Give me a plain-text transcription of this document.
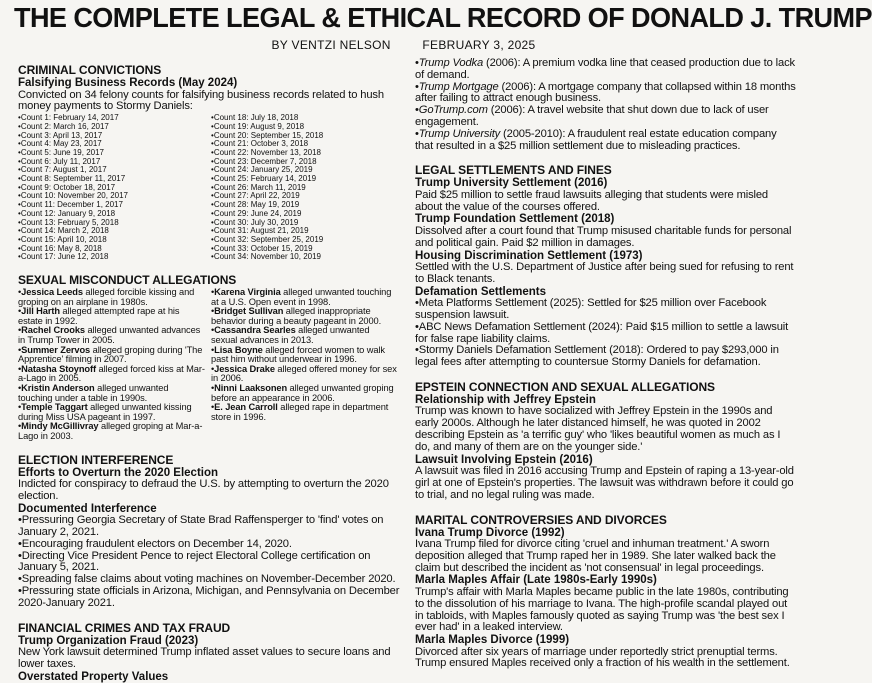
THE COMPLETE LEGAL & ETHICAL RECORD OF DONALD J. TRUMP
BY VENTZI NELSON	FEBRUARY 3, 2025
CRIMINAL CONVICTIONS
Falsifying Business Records (May 2024)

Convicted on 34 felony counts for falsifying business records related to hush money payments to Stormy Daniels:

• Count 1: February 14, 2017
• Count 2: March 16, 2017
• Count 3: April 13, 2017
• Count 4: May 23, 2017
• Count 5: June 19, 2017
• Count 6: July 11, 2017
• Count 7: August 1, 2017
• Count 8: September 11, 2017
• Count 9: October 18, 2017
• Count 10: November 20, 2017
• Count 11: December 1, 2017
• Count 12: January 9, 2018
• Count 13: February 5, 2018
• Count 14: March 2, 2018
• Count 15: April 10, 2018
• Count 16: May 8, 2018
• Count 17: June 12, 2018
• Count 18: July 18, 2018
• Count 19: August 9, 2018
• Count 20: September 15, 2018
• Count 21: October 3, 2018
• Count 22: November 13, 2018
• Count 23: December 7, 2018
• Count 24: January 25, 2019
• Count 25: February 14, 2019
• Count 26: March 11, 2019
• Count 27: April 22, 2019
• Count 28: May 19, 2019
• Count 29: June 24, 2019
• Count 30: July 30, 2019
• Count 31: August 21, 2019
• Count 32: September 25, 2019
• Count 33: October 15, 2019
• Count 34: November 10, 2019
SEXUAL MISCONDUCT ALLEGATIONS
• Jessica Leeds alleged forcible kissing and groping on an airplane in 1980s.
• Jill Harth alleged attempted rape at his estate in 1992.
• Rachel Crooks alleged unwanted advances in Trump Tower in 2005.
• Summer Zervos alleged groping during 'The Apprentice' filming in 2007.
• Natasha Stoynoff alleged forced kiss at Mar-a-Lago in 2005.
• Kristin Anderson alleged unwanted touching under a table in 1990s.
• Temple Taggart alleged unwanted kissing during Miss USA pageant in 1997.
• Mindy McGillivray alleged groping at Mar-a-Lago in 2003.
• Karena Virginia alleged unwanted touching at a U.S. Open event in 1998.
• Bridget Sullivan alleged inappropriate behavior during a beauty pageant in 2000.
• Cassandra Searles alleged unwanted sexual advances in 2013.
• Lisa Boyne alleged forced women to walk past him without underwear in 1996.
• Jessica Drake alleged offered money for sex in 2006.
• Ninni Laaksonen alleged unwanted groping before an appearance in 2006.
• E. Jean Carroll alleged rape in department store in 1996.
ELECTION INTERFERENCE
Efforts to Overturn the 2020 Election

Indicted for conspiracy to defraud the U.S. by attempting to overturn the 2020 election.

Documented Interference
• Pressuring Georgia Secretary of State Brad Raffensperger to 'find' votes on January 2, 2021.
• Encouraging fraudulent electors on December 14, 2020.
• Directing Vice President Pence to reject Electoral College certification on January 5, 2021.
• Spreading false claims about voting machines on November-December 2020.
• Pressuring state officials in Arizona, Michigan, and Pennsylvania on December 2020-January 2021.
FINANCIAL CRIMES AND TAX FRAUD
Trump Organization Fraud (2023)

New York lawsuit determined Trump inflated asset values to secure loans and lower taxes.

Overstated Property Values
• Trump Vodka (2006): A premium vodka line that ceased production due to lack of demand.
• Trump Mortgage (2006): A mortgage company that collapsed within 18 months after failing to attract enough business.
• GoTrump.com (2006): A travel website that shut down due to lack of user engagement.
• Trump University (2005-2010): A fraudulent real estate education company that resulted in a $25 million settlement due to misleading practices.
LEGAL SETTLEMENTS AND FINES
Trump University Settlement (2016)

Paid $25 million to settle fraud lawsuits alleging that students were misled about the value of the courses offered.

Trump Foundation Settlement (2018)

Dissolved after a court found that Trump misused charitable funds for personal and political gain. Paid $2 million in damages.

Housing Discrimination Settlement (1973)

Settled with the U.S. Department of Justice after being sued for refusing to rent to Black tenants.

Defamation Settlements
• Meta Platforms Settlement (2025): Settled for $25 million over Facebook suspension lawsuit.
• ABC News Defamation Settlement (2024): Paid $15 million to settle a lawsuit for false rape liability claims.
• Stormy Daniels Defamation Settlement (2018): Ordered to pay $293,000 in legal fees after attempting to countersue Stormy Daniels for defamation.
EPSTEIN CONNECTION AND SEXUAL ALLEGATIONS
Relationship with Jeffrey Epstein

Trump was known to have socialized with Jeffrey Epstein in the 1990s and early 2000s. Although he later distanced himself, he was quoted in 2002 describing Epstein as 'a terrific guy' who 'likes beautiful women as much as I do, and many of them are on the younger side.'

Lawsuit Involving Epstein (2016)

A lawsuit was filed in 2016 accusing Trump and Epstein of raping a 13-year-old girl at one of Epstein's properties. The lawsuit was withdrawn before it could go to trial, and no legal ruling was made.

MARITAL CONTROVERSIES AND DIVORCES
Ivana Trump Divorce (1992)

Ivana Trump filed for divorce citing 'cruel and inhuman treatment.' A sworn deposition alleged that Trump raped her in 1989. She later walked back the claim but described the incident as 'not consensual' in legal proceedings.

Marla Maples Affair (Late 1980s-Early 1990s)

Trump's affair with Marla Maples became public in the late 1980s, contributing to the dissolution of his marriage to Ivana. The high-profile scandal played out in tabloids, with Maples famously quoted as saying Trump was 'the best sex I ever had' in a leaked interview.

Marla Maples Divorce (1999)

Divorced after six years of marriage under reportedly strict prenuptial terms. Trump ensured Maples received only a fraction of his wealth in the settlement.
